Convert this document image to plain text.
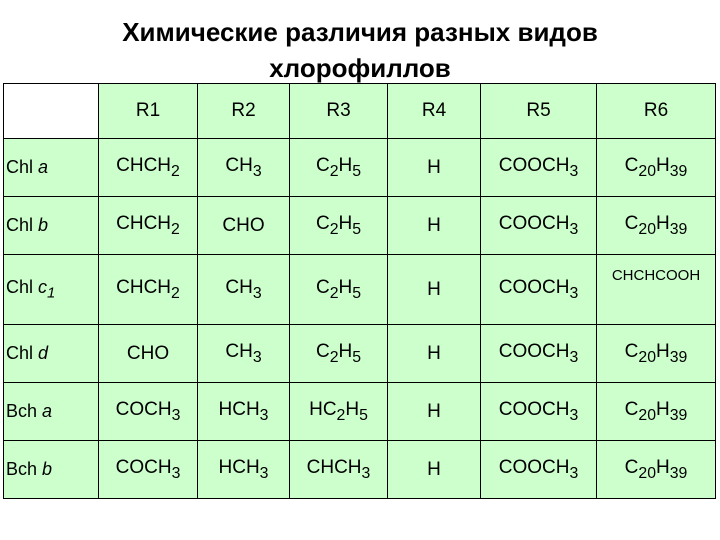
Химические различия разных видов
хлорофиллов
	R1	R2	R3	R4	R5	R6
Chl a	$CHCH_2$	$CH_3$	$C_2H_5$	H	$COOCH_3$	$C_{20}H_{39}$
Chl b	$CHCH_2$	CHO	$C_2H_5$	H	$COOCH_3$	$C_{20}H_{39}$
Chl $c_1$	$CHCH_2$	$CH_3$	$C_2H_5$	H	$COOCH_3$	CHCHCOOH
Chl d	CHO	$CH_3$	$C_2H_5$	H	$COOCH_3$	$C_{20}H_{39}$
Bch a	$COCH_3$	$HCH_3$	$HC_2H_5$	H	$COOCH_3$	$C_{20}H_{39}$
Bch b	$COCH_3$	$HCH_3$	$CHCH_3$	H	$COOCH_3$	$C_{20}H_{39}$
